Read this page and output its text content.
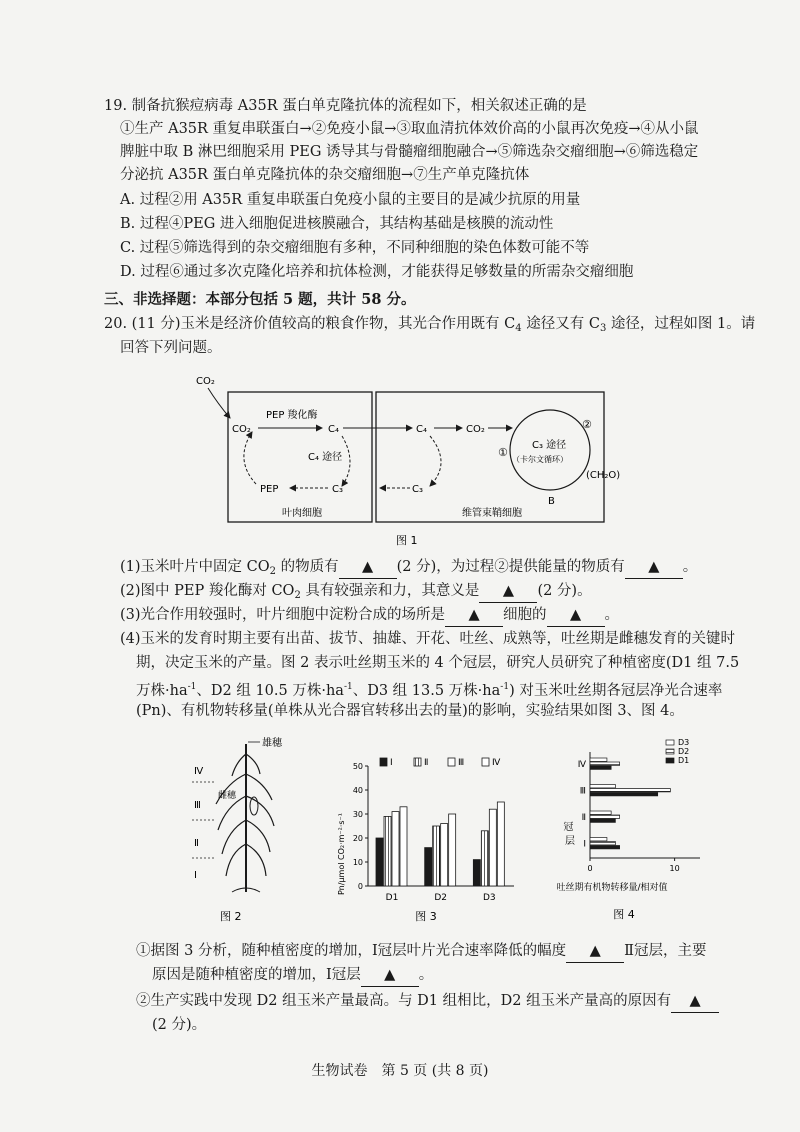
19. 制备抗猴痘病毒 A35R 蛋白单克隆抗体的流程如下，相关叙述正确的是
①生产 A35R 重复串联蛋白→②免疫小鼠→③取血清抗体效价高的小鼠再次免疫→④从小鼠
脾脏中取 B 淋巴细胞采用 PEG 诱导其与骨髓瘤细胞融合→⑤筛选杂交瘤细胞→⑥筛选稳定
分泌抗 A35R 蛋白单克隆抗体的杂交瘤细胞→⑦生产单克隆抗体
A. 过程②用 A35R 重复串联蛋白免疫小鼠的主要目的是减少抗原的用量
B. 过程④PEG 进入细胞促进核膜融合，其结构基础是核膜的流动性
C. 过程⑤筛选得到的杂交瘤细胞有多种，不同种细胞的染色体数可能不等
D. 过程⑥通过多次克隆化培养和抗体检测，才能获得足够数量的所需杂交瘤细胞
三、非选择题：本部分包括 5 题，共计 58 分。
20. (11 分)玉米是经济价值较高的粮食作物，其光合作用既有 $C_4$ 途径又有 $C_3$ 途径，过程如图 1。请
回答下列问题。
CO₂
CO₂
PEP 羧化酶
C₄
C₄ 途径
C₃
PEP
C₄
C₃
CO₂
C₃ 途径
（卡尔文循环）
①
②
(CH₂O)
B
叶肉细胞	维管束鞘细胞
图 1
(1)玉米叶片中固定 $CO_2$ 的物质有 ▲ (2 分)，为过程②提供能量的物质有 ▲ 。
(2)图中 PEP 羧化酶对 $CO_2$ 具有较强亲和力，其意义是 ▲ (2 分)。
(3)光合作用较强时，叶片细胞中淀粉合成的场所是 ▲ 细胞的 ▲ 。
(4)玉米的发育时期主要有出苗、拔节、抽雄、开花、吐丝、成熟等，吐丝期是雌穗发育的关键时
期，决定玉米的产量。图 2 表示吐丝期玉米的 4 个冠层，研究人员研究了种植密度(D1 组 7.5
万株$\cdot ha^{-1}$、D2 组 10.5 万株$\cdot ha^{-1}$、D3 组 13.5 万株$\cdot ha^{-1}$) 对玉米吐丝期各冠层净光合速率
(Pn)、有机物转移量(单株从光合器官转移出去的量)的影响，实验结果如图 3、图 4。
雄穗
雌穗
Ⅳ
Ⅲ
Ⅱ
Ⅰ
图 2
Pn/μmol CO₂·m⁻²·s⁻¹
图 3
0
10
20
30
40
50
D1	D2	D3
Ⅰ	Ⅱ	Ⅲ	Ⅳ
冠 层
吐丝期有机物转移量/相对值
图 4
0	10
Ⅳ
Ⅲ
Ⅱ
Ⅰ
D3
D2
D1
①据图 3 分析，随种植密度的增加，Ⅰ冠层叶片光合速率降低的幅度 ▲ Ⅱ冠层，主要
原因是随种植密度的增加，Ⅰ冠层 ▲ 。
②生产实践中发现 D2 组玉米产量最高。与 D1 组相比，D2 组玉米产量高的原因有 ▲
(2 分)。
生物试卷　第 5 页 (共 8 页)
